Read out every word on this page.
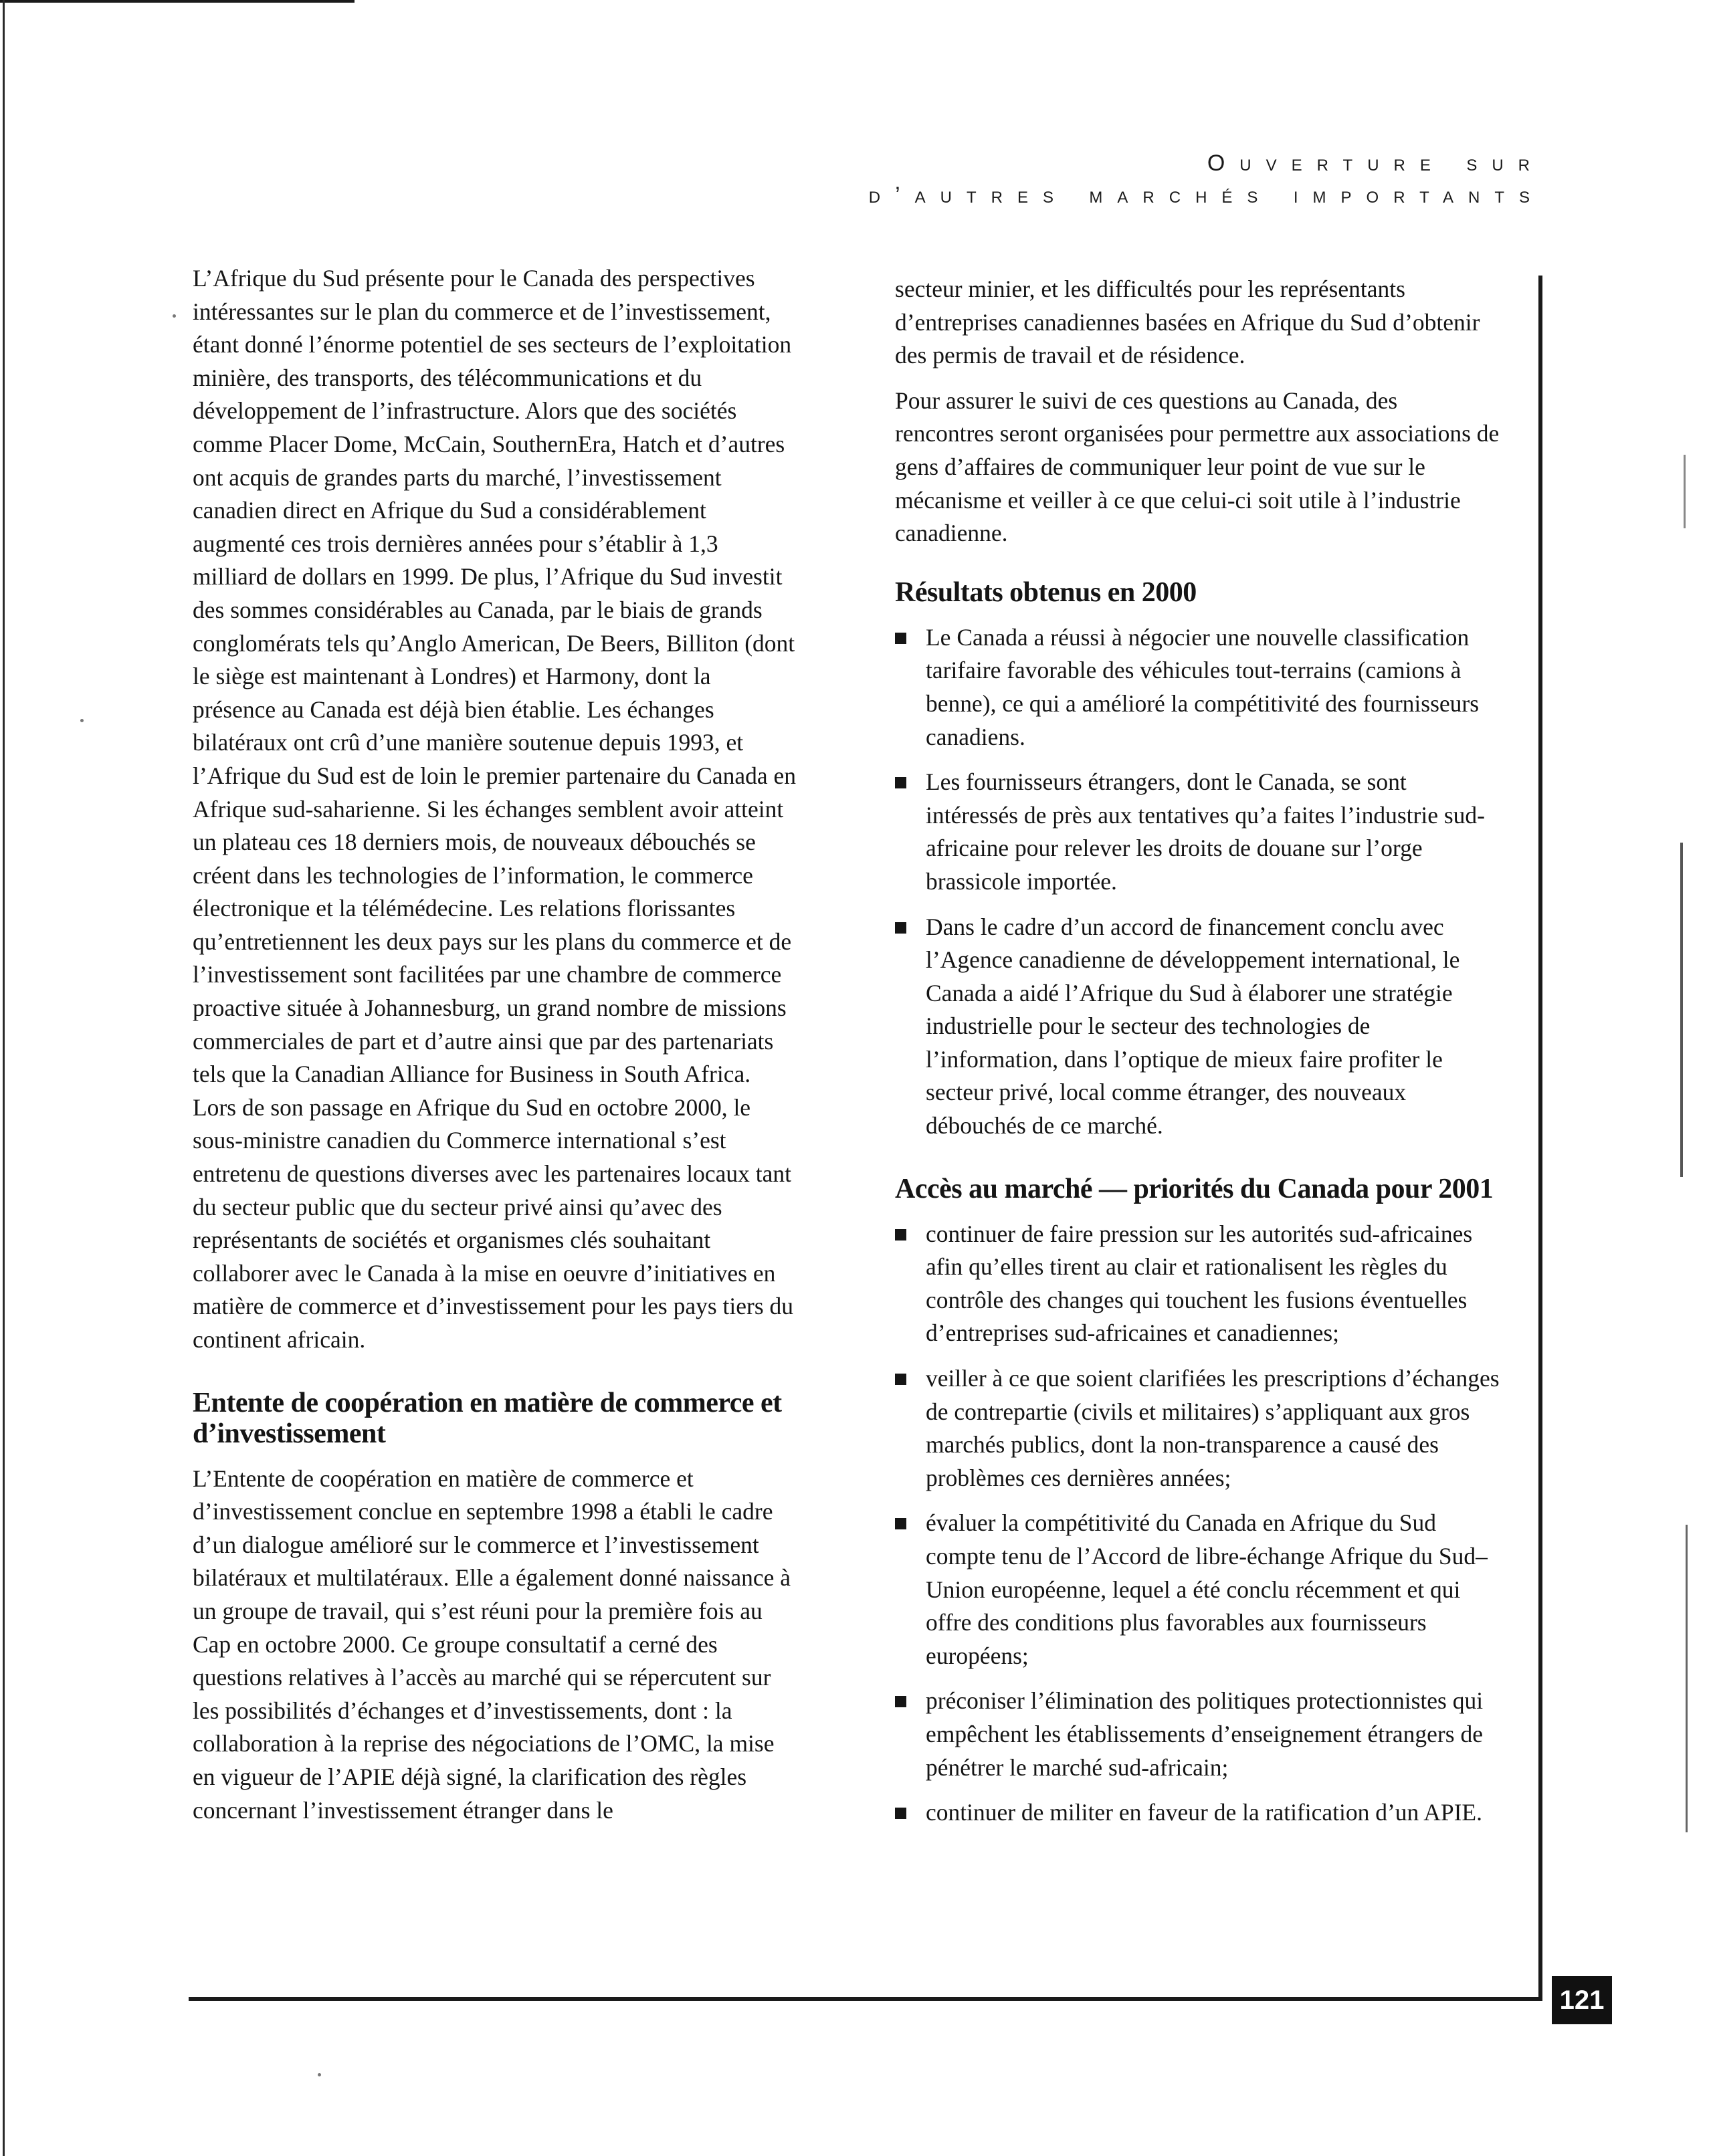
Ouverture sur
d’autres marchés importants

L’Afrique du Sud présente pour le Canada des perspectives intéressantes sur le plan du commerce et de l’investissement, étant donné l’énorme potentiel de ses secteurs de l’exploitation minière, des transports, des télécommunications et du développement de l’infrastructure. Alors que des sociétés comme Placer Dome, McCain, SouthernEra, Hatch et d’autres ont acquis de grandes parts du marché, l’investissement canadien direct en Afrique du Sud a considérablement augmenté ces trois dernières années pour s’établir à 1,3 milliard de dollars en 1999. De plus, l’Afrique du Sud investit des sommes considérables au Canada, par le biais de grands conglomérats tels qu’Anglo American, De Beers, Billiton (dont le siège est maintenant à Londres) et Harmony, dont la présence au Canada est déjà bien établie. Les échanges bilatéraux ont crû d’une manière soutenue depuis 1993, et l’Afrique du Sud est de loin le premier partenaire du Canada en Afrique sud-saharienne. Si les échanges semblent avoir atteint un plateau ces 18 derniers mois, de nouveaux débouchés se créent dans les technologies de l’information, le commerce électronique et la télémédecine. Les relations florissantes qu’entretiennent les deux pays sur les plans du commerce et de l’investissement sont facilitées par une chambre de commerce proactive située à Johannesburg, un grand nombre de missions commerciales de part et d’autre ainsi que par des partenariats tels que la Canadian Alliance for Business in South Africa. Lors de son passage en Afrique du Sud en octobre 2000, le sous-ministre canadien du Commerce international s’est entretenu de questions diverses avec les partenaires locaux tant du secteur public que du secteur privé ainsi qu’avec des représentants de sociétés et organismes clés souhaitant collaborer avec le Canada à la mise en oeuvre d’initiatives en matière de commerce et d’investissement pour les pays tiers du continent africain.

Entente de coopération en matière de commerce et d’investissement

L’Entente de coopération en matière de commerce et d’investissement conclue en septembre 1998 a établi le cadre d’un dialogue amélioré sur le commerce et l’investissement bilatéraux et multilatéraux. Elle a également donné naissance à un groupe de travail, qui s’est réuni pour la première fois au Cap en octobre 2000. Ce groupe consultatif a cerné des questions relatives à l’accès au marché qui se répercutent sur les possibilités d’échanges et d’investissements, dont : la collaboration à la reprise des négociations de l’OMC, la mise en vigueur de l’APIE déjà signé, la clarification des règles concernant l’investissement étranger dans le

secteur minier, et les difficultés pour les représentants d’entreprises canadiennes basées en Afrique du Sud d’obtenir des permis de travail et de résidence.

Pour assurer le suivi de ces questions au Canada, des rencontres seront organisées pour permettre aux associations de gens d’affaires de communiquer leur point de vue sur le mécanisme et veiller à ce que celui-ci soit utile à l’industrie canadienne.

Résultats obtenus en 2000
Le Canada a réussi à négocier une nouvelle classification tarifaire favorable des véhicules tout-terrains (camions à benne), ce qui a amélioré la compétitivité des fournisseurs canadiens.
Les fournisseurs étrangers, dont le Canada, se sont intéressés de près aux tentatives qu’a faites l’industrie sud-africaine pour relever les droits de douane sur l’orge brassicole importée.
Dans le cadre d’un accord de financement conclu avec l’Agence canadienne de développement international, le Canada a aidé l’Afrique du Sud à élaborer une stratégie industrielle pour le secteur des technologies de l’information, dans l’optique de mieux faire profiter le secteur privé, local comme étranger, des nouveaux débouchés de ce marché.
Accès au marché — priorités du Canada pour 2001
continuer de faire pression sur les autorités sud-africaines afin qu’elles tirent au clair et rationalisent les règles du contrôle des changes qui touchent les fusions éventuelles d’entreprises sud-africaines et canadiennes;
veiller à ce que soient clarifiées les prescriptions d’échanges de contrepartie (civils et militaires) s’appliquant aux gros marchés publics, dont la non-transparence a causé des problèmes ces dernières années;
évaluer la compétitivité du Canada en Afrique du Sud compte tenu de l’Accord de libre-échange Afrique du Sud–Union européenne, lequel a été conclu récemment et qui offre des conditions plus favorables aux fournisseurs européens;
préconiser l’élimination des politiques protectionnistes qui empêchent les établissements d’enseignement étrangers de pénétrer le marché sud-africain;
continuer de militer en faveur de la ratification d’un APIE.
121
